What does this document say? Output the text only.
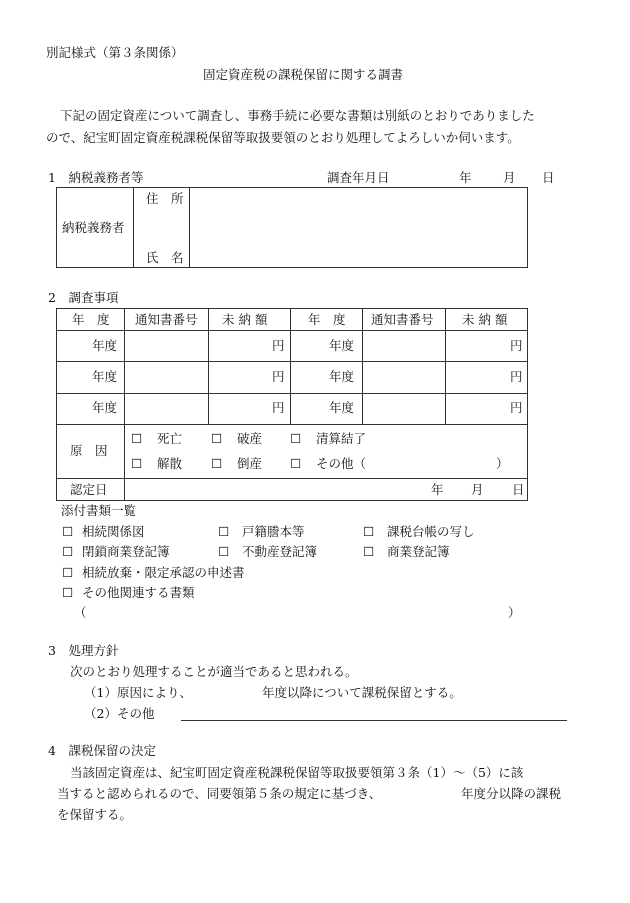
別記様式（第３条関係）
固定資産税の課税保留に関する調書
下記の固定資産について調査し、事務手続に必要な書類は別紙のとおりでありました
ので、紀宝町固定資産税課税保留等取扱要領のとおり処理してよろしいか伺います。
1　納税義務者等	調査年月日	年	月 日
納税義務者
住　所
氏　名
2　調査事項
年　度 通知書番号 未 納 額	年　度 通知書番号 未 納 額
年度	円	年度	円
年度	円	年度	円
年度	円	年度	円
原　因
☐ 死亡 ☐ 破産 ☐ 清算結了
☐ 解散 ☐ 倒産 ☐ その他（	）
認定日	年 月 日
添付書類一覧
☐ 相続関係図	☐ 戸籍謄本等	☐ 課税台帳の写し
☐ 閉鎖商業登記簿	☐ 不動産登記簿	☐ 商業登記簿
☐ 相続放棄・限定承認の申述書
☐ その他関連する書類
（	）
3　処理方針
次のとおり処理することが適当であると思われる。
（1）原因により、	年度以降について課税保留とする。
（2）その他
4　課税保留の決定
当該固定資産は、紀宝町固定資産税課税保留等取扱要領第３条（1）～（5）に該
当すると認められるので、同要領第５条の規定に基づき、	年度分以降の課税
を保留する。
